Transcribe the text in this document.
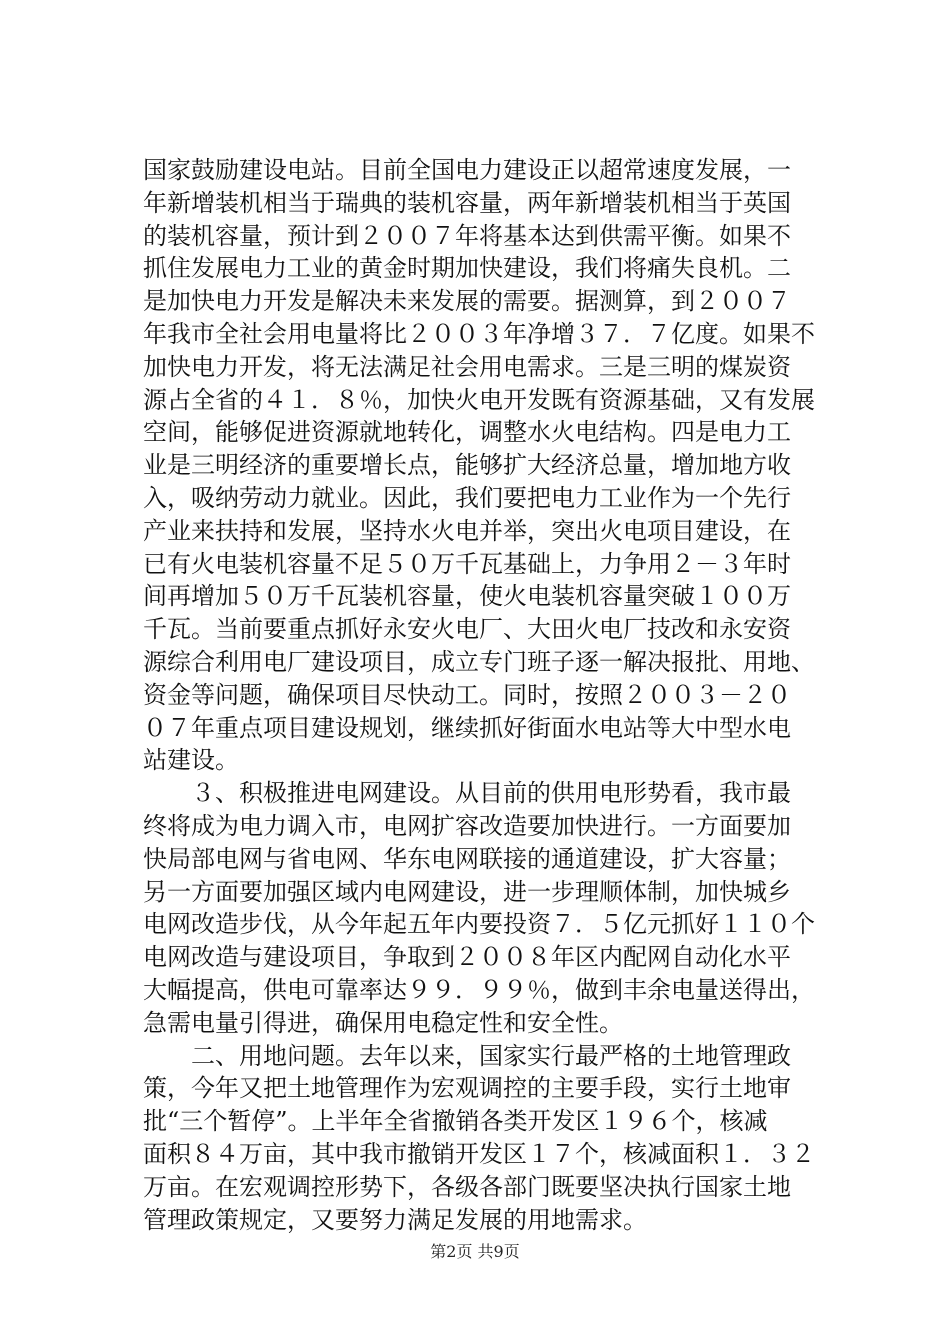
国家鼓励建设电站。目前全国电力建设正以超常速度发展，一
年新增装机相当于瑞典的装机容量，两年新增装机相当于英国
的装机容量，预计到２００７年将基本达到供需平衡。如果不
抓住发展电力工业的黄金时期加快建设，我们将痛失良机。二
是加快电力开发是解决未来发展的需要。据测算，到２００７
年我市全社会用电量将比２００３年净增３７．７亿度。如果不
加快电力开发，将无法满足社会用电需求。三是三明的煤炭资
源占全省的４１．８％，加快火电开发既有资源基础，又有发展
空间，能够促进资源就地转化，调整水火电结构。四是电力工
业是三明经济的重要增长点，能够扩大经济总量，增加地方收
入，吸纳劳动力就业。因此，我们要把电力工业作为一个先行
产业来扶持和发展，坚持水火电并举，突出火电项目建设，在
已有火电装机容量不足５０万千瓦基础上，力争用２－３年时
间再增加５０万千瓦装机容量，使火电装机容量突破１００万
千瓦。当前要重点抓好永安火电厂、大田火电厂技改和永安资
源综合利用电厂建设项目，成立专门班子逐一解决报批、用地、
资金等问题，确保项目尽快动工。同时，按照２００３－２０
０７年重点项目建设规划，继续抓好街面水电站等大中型水电
站建设。
　　３、积极推进电网建设。从目前的供用电形势看，我市最
终将成为电力调入市，电网扩容改造要加快进行。一方面要加
快局部电网与省电网、华东电网联接的通道建设，扩大容量；
另一方面要加强区域内电网建设，进一步理顺体制，加快城乡
电网改造步伐，从今年起五年内要投资７．５亿元抓好１１０个
电网改造与建设项目，争取到２００８年区内配网自动化水平
大幅提高，供电可靠率达９９．９９％，做到丰余电量送得出，
急需电量引得进，确保用电稳定性和安全性。
　　二、用地问题。去年以来，国家实行最严格的土地管理政
策，今年又把土地管理作为宏观调控的主要手段，实行土地审
批“三个暂停”。上半年全省撤销各类开发区１９６个，核减
面积８４万亩，其中我市撤销开发区１７个，核减面积１．３２
万亩。在宏观调控形势下，各级各部门既要坚决执行国家土地
管理政策规定，又要努力满足发展的用地需求。
第2页 共9页
